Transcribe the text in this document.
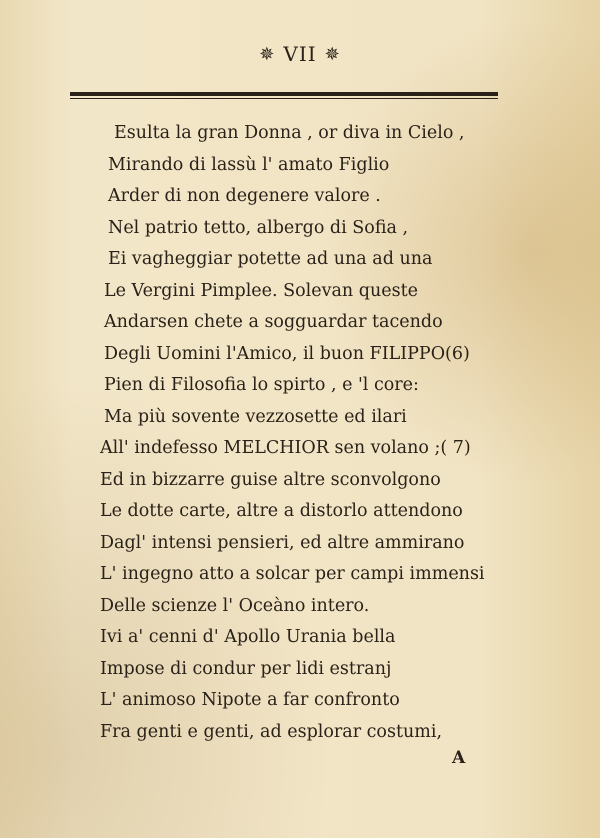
✵ VII ✵
Esulta la gran Donna , or diva in Cielo ,
Mirando di lassù l' amato Figlio
Arder di non degenere valore .
Nel patrio tetto, albergo di Sofia ,
Ei vagheggiar potette ad una ad una
Le Vergini Pimplee. Solevan queste
Andarsen chete a sogguardar tacendo
Degli Uomini l'Amico, il buon FILIPPO(6)
Pien di Filosofia lo spirto , e 'l core:
Ma più sovente vezzosette ed ilari
All' indefesso MELCHIOR sen volano ;( 7)
Ed in bizzarre guise altre sconvolgono
Le dotte carte, altre a distorlo attendono
Dagl' intensi pensieri, ed altre ammirano
L' ingegno atto a solcar per campi immensi
Delle scienze l' Oceàno intero.
Ivi a' cenni d' Apollo Urania bella
Impose di condur per lidi estranj
L' animoso Nipote a far confronto
Fra genti e genti, ad esplorar costumi,
A
